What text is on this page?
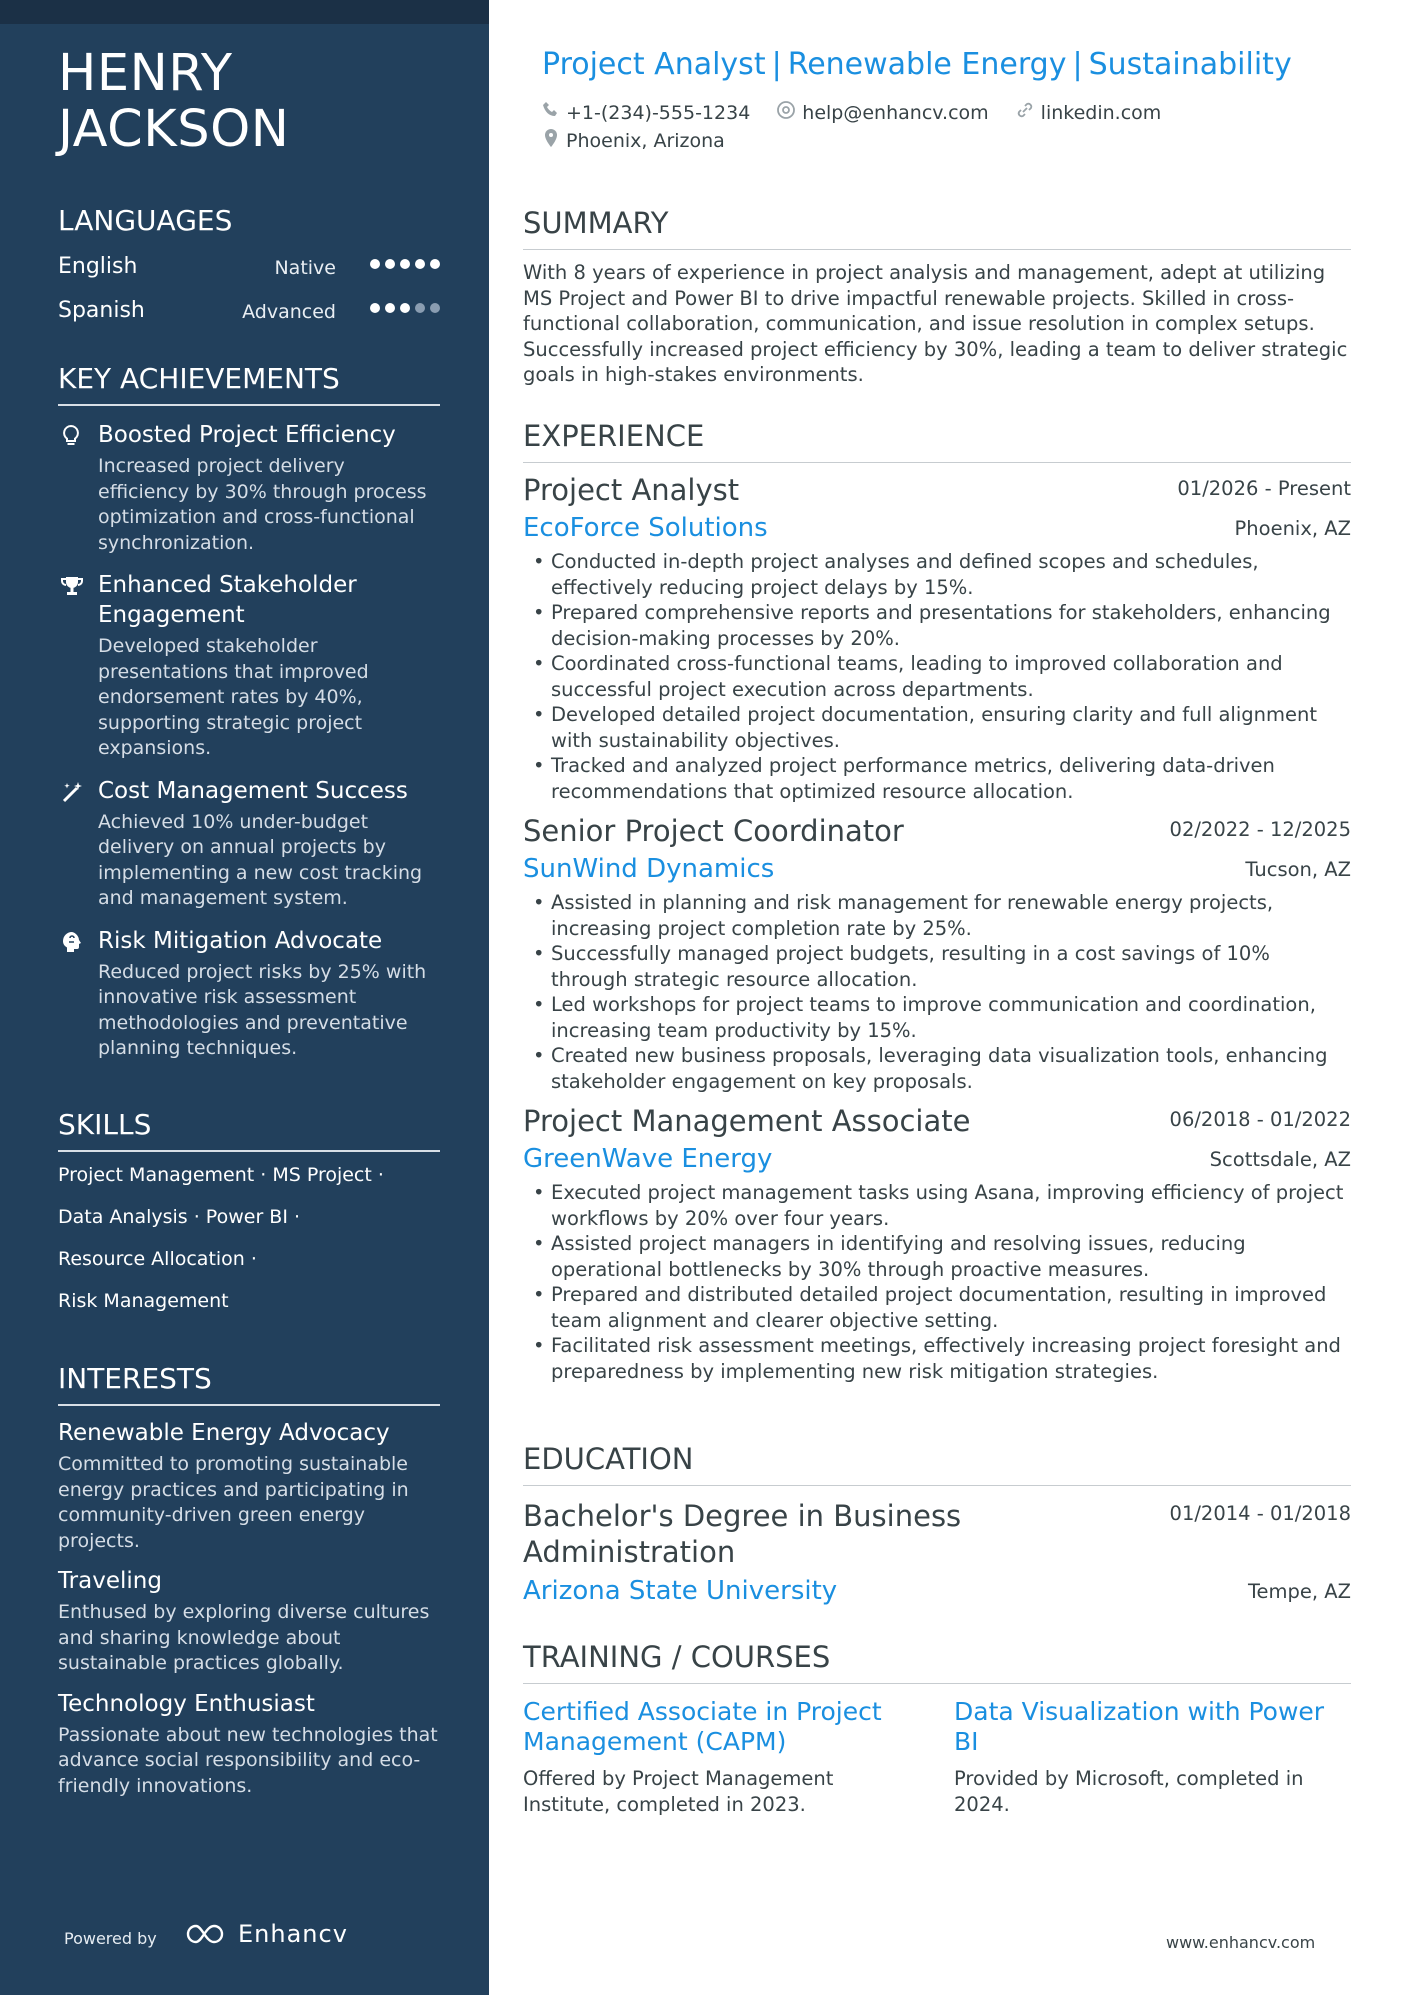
HENRY
JACKSON
LANGUAGES
English	Native
Spanish	Advanced
KEY ACHIEVEMENTS
Boosted Project Efficiency
Increased project delivery efficiency by 30% through process optimization and cross-functional synchronization.
Enhanced Stakeholder Engagement
Developed stakeholder presentations that improved endorsement rates by 40%, supporting strategic project expansions.
Cost Management Success
Achieved 10% under-budget delivery on annual projects by implementing a new cost tracking and management system.
Risk Mitigation Advocate
Reduced project risks by 25% with innovative risk assessment methodologies and preventative planning techniques.
SKILLS
Project Management · MS Project ·
Data Analysis · Power BI ·
Resource Allocation ·
Risk Management
INTERESTS
Renewable Energy Advocacy
Committed to promoting sustainable energy practices and participating in community-driven green energy projects.
Traveling
Enthused by exploring diverse cultures and sharing knowledge about sustainable practices globally.
Technology Enthusiast
Passionate about new technologies that advance social responsibility and eco-friendly innovations.
Powered by	Enhancv
Project Analyst | Renewable Energy | Sustainability
+1-(234)-555-1234	help@enhancv.com	linkedin.com
Phoenix, Arizona
SUMMARY
With 8 years of experience in project analysis and management, adept at utilizing MS Project and Power BI to drive impactful renewable projects. Skilled in cross-functional collaboration, communication, and issue resolution in complex setups. Successfully increased project efficiency by 30%, leading a team to deliver strategic goals in high-stakes environments.
EXPERIENCE
Project Analyst	01/2026 - Present
EcoForce Solutions	Phoenix, AZ
• Conducted in-depth project analyses and defined scopes and schedules, effectively reducing project delays by 15%.
• Prepared comprehensive reports and presentations for stakeholders, enhancing decision-making processes by 20%.
• Coordinated cross-functional teams, leading to improved collaboration and successful project execution across departments.
• Developed detailed project documentation, ensuring clarity and full alignment with sustainability objectives.
• Tracked and analyzed project performance metrics, delivering data-driven recommendations that optimized resource allocation.
Senior Project Coordinator	02/2022 - 12/2025
SunWind Dynamics	Tucson, AZ
• Assisted in planning and risk management for renewable energy projects, increasing project completion rate by 25%.
• Successfully managed project budgets, resulting in a cost savings of 10% through strategic resource allocation.
• Led workshops for project teams to improve communication and coordination, increasing team productivity by 15%.
• Created new business proposals, leveraging data visualization tools, enhancing stakeholder engagement on key proposals.
Project Management Associate	06/2018 - 01/2022
GreenWave Energy	Scottsdale, AZ
• Executed project management tasks using Asana, improving efficiency of project workflows by 20% over four years.
• Assisted project managers in identifying and resolving issues, reducing operational bottlenecks by 30% through proactive measures.
• Prepared and distributed detailed project documentation, resulting in improved team alignment and clearer objective setting.
• Facilitated risk assessment meetings, effectively increasing project foresight and preparedness by implementing new risk mitigation strategies.
EDUCATION
Bachelor's Degree in Business Administration
01/2014 - 01/2018
Arizona State University	Tempe, AZ
TRAINING / COURSES
Certified Associate in Project Management (CAPM)
Offered by Project Management Institute, completed in 2023.
Data Visualization with Power BI
Provided by Microsoft, completed in 2024.
www.enhancv.com
